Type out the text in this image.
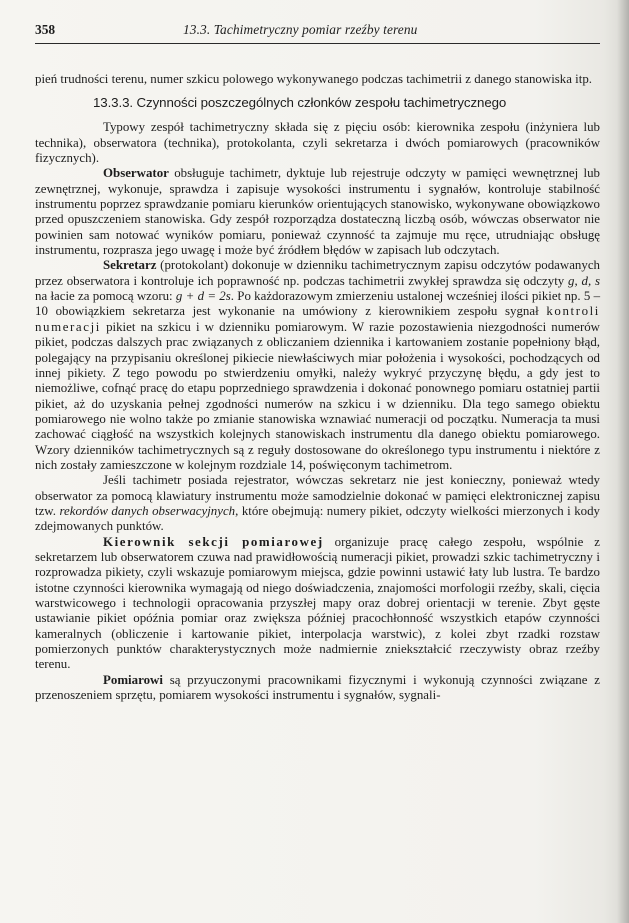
358	13.3. Tachimetryczny pomiar rzeźby terenu

pień trudności terenu, numer szkicu polowego wykonywanego podczas tachimetrii z danego stanowiska itp.

13.3.3. Czynności poszczególnych członków zespołu tachimetrycznego

Typowy zespół tachimetryczny składa się z pięciu osób: kierownika zespołu (inżyniera lub technika), obserwatora (technika), protokolanta, czyli sekretarza i dwóch pomiarowych (pracowników fizycznych).

Obserwator obsługuje tachimetr, dyktuje lub rejestruje odczyty w pamięci wewnętrznej lub zewnętrznej, wykonuje, sprawdza i zapisuje wysokości instrumentu i sygnałów, kontroluje stabilność instrumentu poprzez sprawdzanie pomiaru kierunków orientujących stanowisko, wykonywane obowiązkowo przed opuszczeniem stanowiska. Gdy zespół rozporządza dostateczną liczbą osób, wówczas obserwator nie powinien sam notować wyników pomiaru, ponieważ czynność ta zajmuje mu ręce, utrudniając obsługę instrumentu, rozprasza jego uwagę i może być źródłem błędów w zapisach lub odczytach.

Sekretarz (protokolant) dokonuje w dzienniku tachimetrycznym zapisu odczytów podawanych przez obserwatora i kontroluje ich poprawność np. podczas tachimetrii zwykłej sprawdza się odczyty g, d, s na łacie za pomocą wzoru: g + d = 2s. Po każdorazowym zmierzeniu ustalonej wcześniej ilości pikiet np. 5 – 10 obowiązkiem sekretarza jest wykonanie na umówiony z kierownikiem zespołu sygnał kontroli numeracji pikiet na szkicu i w dzienniku pomiarowym. W razie pozostawienia niezgodności numerów pikiet, podczas dalszych prac związanych z obliczaniem dziennika i kartowaniem zostanie popełniony błąd, polegający na przypisaniu określonej pikiecie niewłaściwych miar położenia i wysokości, pochodzących od innej pikiety. Z tego powodu po stwierdzeniu omyłki, należy wykryć przyczynę błędu, a gdy jest to niemożliwe, cofnąć pracę do etapu poprzedniego sprawdzenia i dokonać ponownego pomiaru ostatniej partii pikiet, aż do uzyskania pełnej zgodności numerów na szkicu i w dzienniku. Dla tego samego obiektu pomiarowego nie wolno także po zmianie stanowiska wznawiać numeracji od początku. Numeracja ta musi zachować ciągłość na wszystkich kolejnych stanowiskach instrumentu dla danego obiektu pomiarowego. Wzory dzienników tachimetrycznych są z reguły dostosowane do określonego typu instrumentu i niektóre z nich zostały zamieszczone w kolejnym rozdziale 14, poświęconym tachimetrom.

Jeśli tachimetr posiada rejestrator, wówczas sekretarz nie jest konieczny, ponieważ wtedy obserwator za pomocą klawiatury instrumentu może samodzielnie dokonać w pamięci elektronicznej zapisu tzw. rekordów danych obserwacyjnych, które obejmują: numery pikiet, odczyty wielkości mierzonych i kody zdejmowanych punktów.

Kierownik sekcji pomiarowej organizuje pracę całego zespołu, wspólnie z sekretarzem lub obserwatorem czuwa nad prawidłowością numeracji pikiet, prowadzi szkic tachimetryczny i rozprowadza pikiety, czyli wskazuje pomiarowym miejsca, gdzie powinni ustawić łaty lub lustra. Te bardzo istotne czynności kierownika wymagają od niego doświadczenia, znajomości morfologii rzeźby, skali, cięcia warstwicowego i technologii opracowania przyszłej mapy oraz dobrej orientacji w terenie. Zbyt gęste ustawianie pikiet opóźnia pomiar oraz zwiększa później pracochłonność wszystkich etapów czynności kameralnych (obliczenie i kartowanie pikiet, interpolacja warstwic), z kolei zbyt rzadki rozstaw pomierzonych punktów charakterystycznych może nadmiernie zniekształcić rzeczywisty obraz rzeźby terenu.

Pomiarowi są przyuczonymi pracownikami fizycznymi i wykonują czynności związane z przenoszeniem sprzętu, pomiarem wysokości instrumentu i sygnałów, sygnali-
